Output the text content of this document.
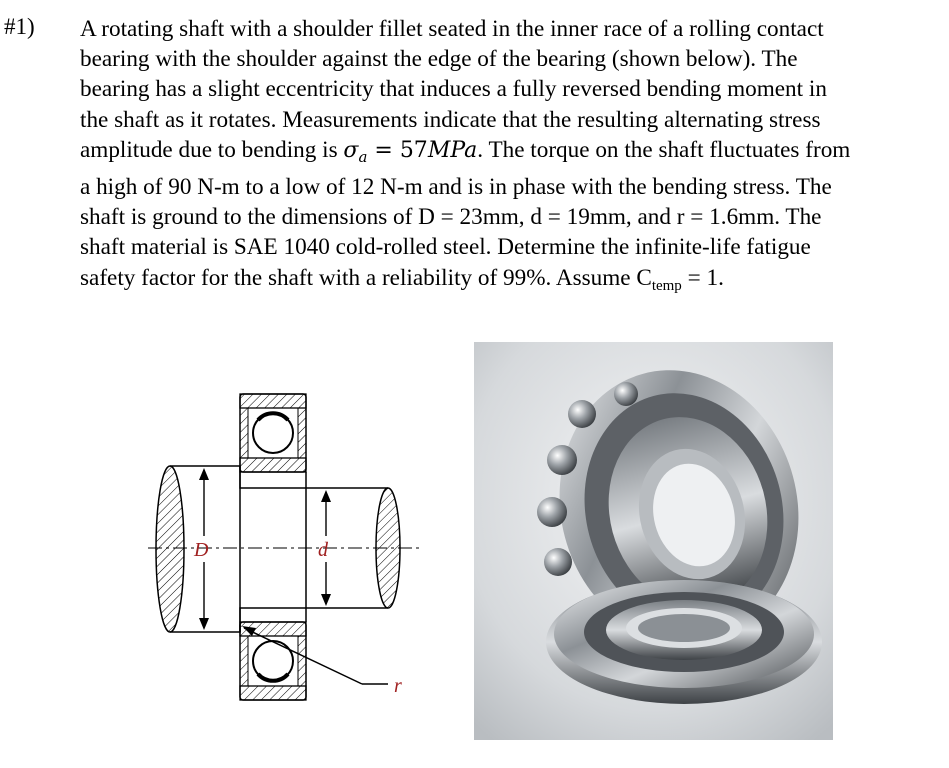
#1) A rotating shaft with a shoulder fillet seated in the inner race of a rolling contact
bearing with the shoulder against the edge of the bearing (shown below). The
bearing has a slight eccentricity that induces a fully reversed bending moment in
the shaft as it rotates. Measurements indicate that the resulting alternating stress
amplitude due to bending is $\sigma_a = 57MPa$. The torque on the shaft fluctuates from
a high of 90 N-m to a low of 12 N-m and is in phase with the bending stress. The
shaft is ground to the dimensions of D = 23mm, d = 19mm, and r = 1.6mm. The
shaft material is SAE 1040 cold-rolled steel. Determine the infinite-life fatigue
safety factor for the shaft with a reliability of 99%. Assume $C_{temp} = 1$.
D	d
r
